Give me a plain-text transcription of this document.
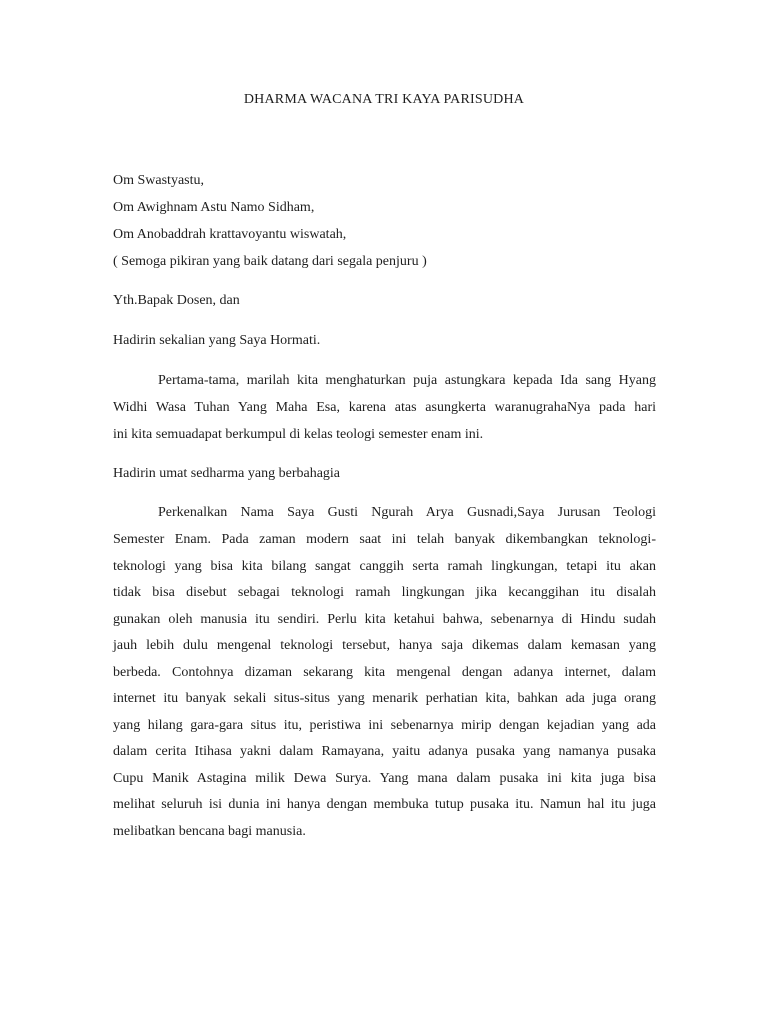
DHARMA WACANA TRI KAYA PARISUDHA
Om Swastyastu,
Om Awighnam Astu Namo Sidham,
Om Anobaddrah krattavoyantu wiswatah,
( Semoga pikiran yang baik datang dari segala penjuru )
Yth.Bapak Dosen, dan
Hadirin sekalian yang Saya Hormati.
Pertama-tama, marilah kita menghaturkan puja astungkara kepada Ida sang Hyang
Widhi Wasa Tuhan Yang Maha Esa, karena atas asungkerta waranugrahaNya pada hari
ini kita semuadapat berkumpul di kelas teologi semester enam ini.
Hadirin umat sedharma yang berbahagia
Perkenalkan Nama Saya Gusti Ngurah Arya Gusnadi,Saya Jurusan Teologi
Semester Enam. Pada zaman modern saat ini telah banyak dikembangkan teknologi-
teknologi yang bisa kita bilang sangat canggih serta ramah lingkungan, tetapi itu akan
tidak bisa disebut sebagai teknologi ramah lingkungan jika kecanggihan itu disalah
gunakan oleh manusia itu sendiri. Perlu kita ketahui bahwa, sebenarnya di Hindu sudah
jauh lebih dulu mengenal teknologi tersebut, hanya saja dikemas dalam kemasan yang
berbeda. Contohnya dizaman sekarang kita mengenal dengan adanya internet, dalam
internet itu banyak sekali situs-situs yang menarik perhatian kita, bahkan ada juga orang
yang hilang gara-gara situs itu, peristiwa ini sebenarnya mirip dengan kejadian yang ada
dalam cerita Itihasa yakni dalam Ramayana, yaitu adanya pusaka yang namanya pusaka
Cupu Manik Astagina milik Dewa Surya. Yang mana dalam pusaka ini kita juga bisa
melihat seluruh isi dunia ini hanya dengan membuka tutup pusaka itu. Namun hal itu juga
melibatkan bencana bagi manusia.
